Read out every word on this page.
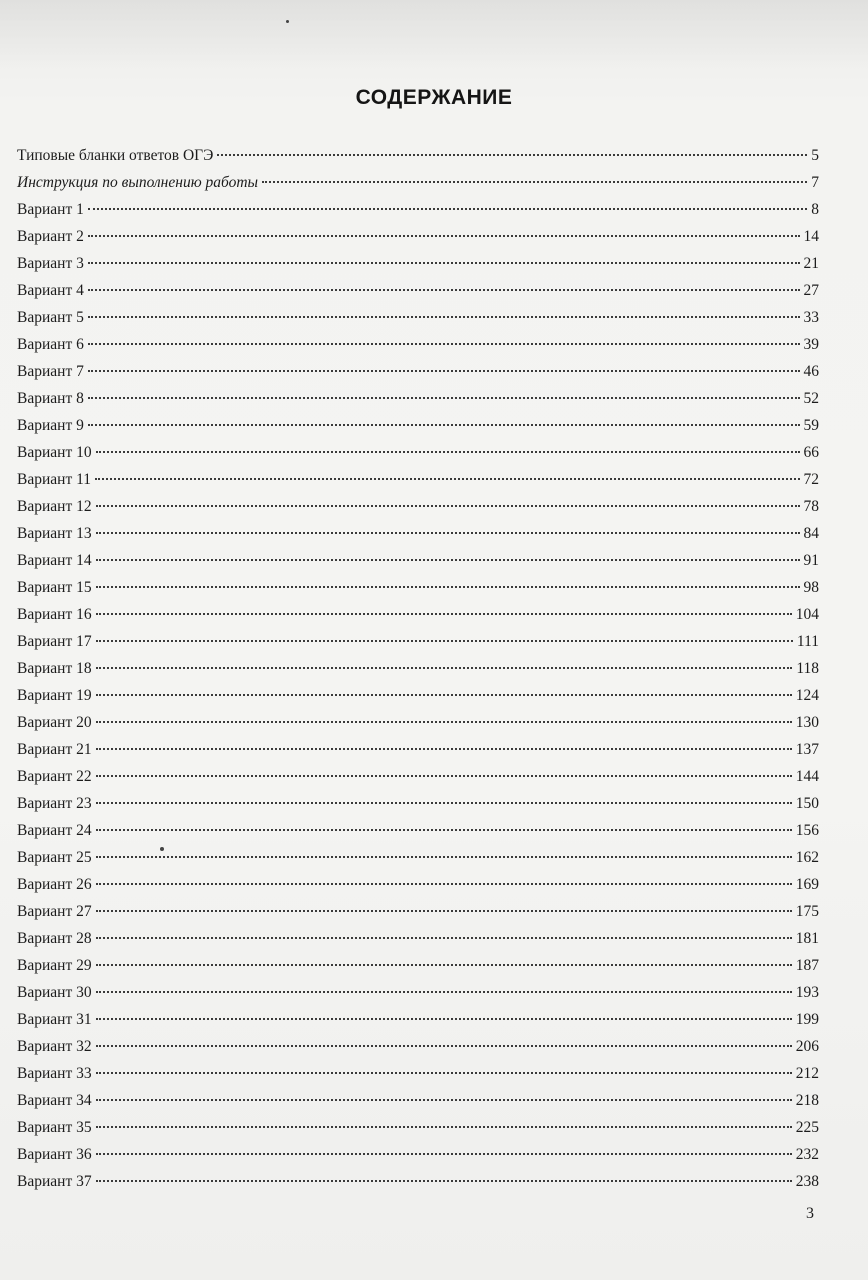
СОДЕРЖАНИЕ
Типовые бланки ответов ОГЭ	5
Инструкция по выполнению работы	7
Вариант 1	8
Вариант 2	14
Вариант 3	21
Вариант 4	27
Вариант 5	33
Вариант 6	39
Вариант 7	46
Вариант 8	52
Вариант 9	59
Вариант 10	66
Вариант 11	72
Вариант 12	78
Вариант 13	84
Вариант 14	91
Вариант 15	98
Вариант 16	104
Вариант 17	111
Вариант 18	118
Вариант 19	124
Вариант 20	130
Вариант 21	137
Вариант 22	144
Вариант 23	150
Вариант 24	156
Вариант 25	162
Вариант 26	169
Вариант 27	175
Вариант 28	181
Вариант 29	187
Вариант 30	193
Вариант 31	199
Вариант 32	206
Вариант 33	212
Вариант 34	218
Вариант 35	225
Вариант 36	232
Вариант 37	238
3
